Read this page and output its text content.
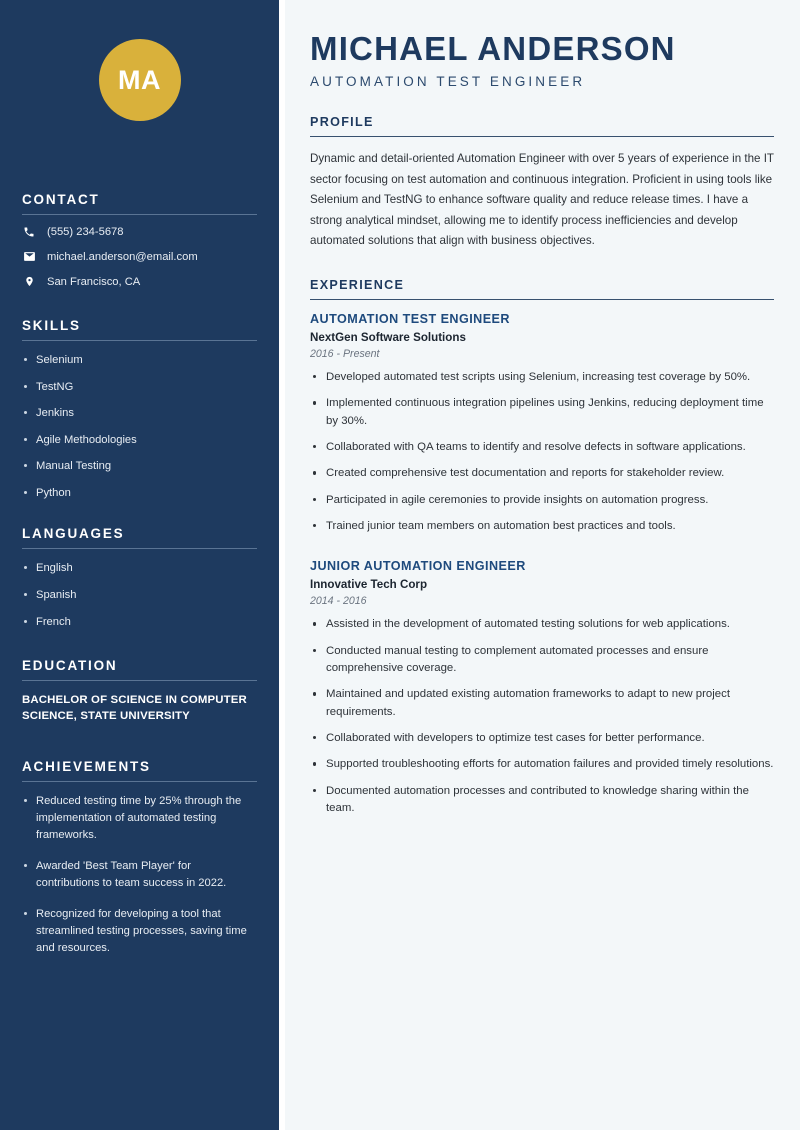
MA
CONTACT
(555) 234-5678
michael.anderson@email.com
San Francisco, CA
SKILLS
Selenium
TestNG
Jenkins
Agile Methodologies
Manual Testing
Python
LANGUAGES
English
Spanish
French
EDUCATION
BACHELOR OF SCIENCE IN COMPUTER SCIENCE, STATE UNIVERSITY
ACHIEVEMENTS
Reduced testing time by 25% through the implementation of automated testing frameworks.
Awarded 'Best Team Player' for contributions to team success in 2022.
Recognized for developing a tool that streamlined testing processes, saving time and resources.
MICHAEL ANDERSON
AUTOMATION TEST ENGINEER
PROFILE

Dynamic and detail-oriented Automation Engineer with over 5 years of experience in the IT sector focusing on test automation and continuous integration. Proficient in using tools like Selenium and TestNG to enhance software quality and reduce release times. I have a strong analytical mindset, allowing me to identify process inefficiencies and develop automated solutions that align with business objectives.

EXPERIENCE
AUTOMATION TEST ENGINEER
NextGen Software Solutions
2016 - Present
Developed automated test scripts using Selenium, increasing test coverage by 50%.
Implemented continuous integration pipelines using Jenkins, reducing deployment time by 30%.
Collaborated with QA teams to identify and resolve defects in software applications.
Created comprehensive test documentation and reports for stakeholder review.
Participated in agile ceremonies to provide insights on automation progress.
Trained junior team members on automation best practices and tools.
JUNIOR AUTOMATION ENGINEER
Innovative Tech Corp
2014 - 2016
Assisted in the development of automated testing solutions for web applications.
Conducted manual testing to complement automated processes and ensure comprehensive coverage.
Maintained and updated existing automation frameworks to adapt to new project requirements.
Collaborated with developers to optimize test cases for better performance.
Supported troubleshooting efforts for automation failures and provided timely resolutions.
Documented automation processes and contributed to knowledge sharing within the team.
